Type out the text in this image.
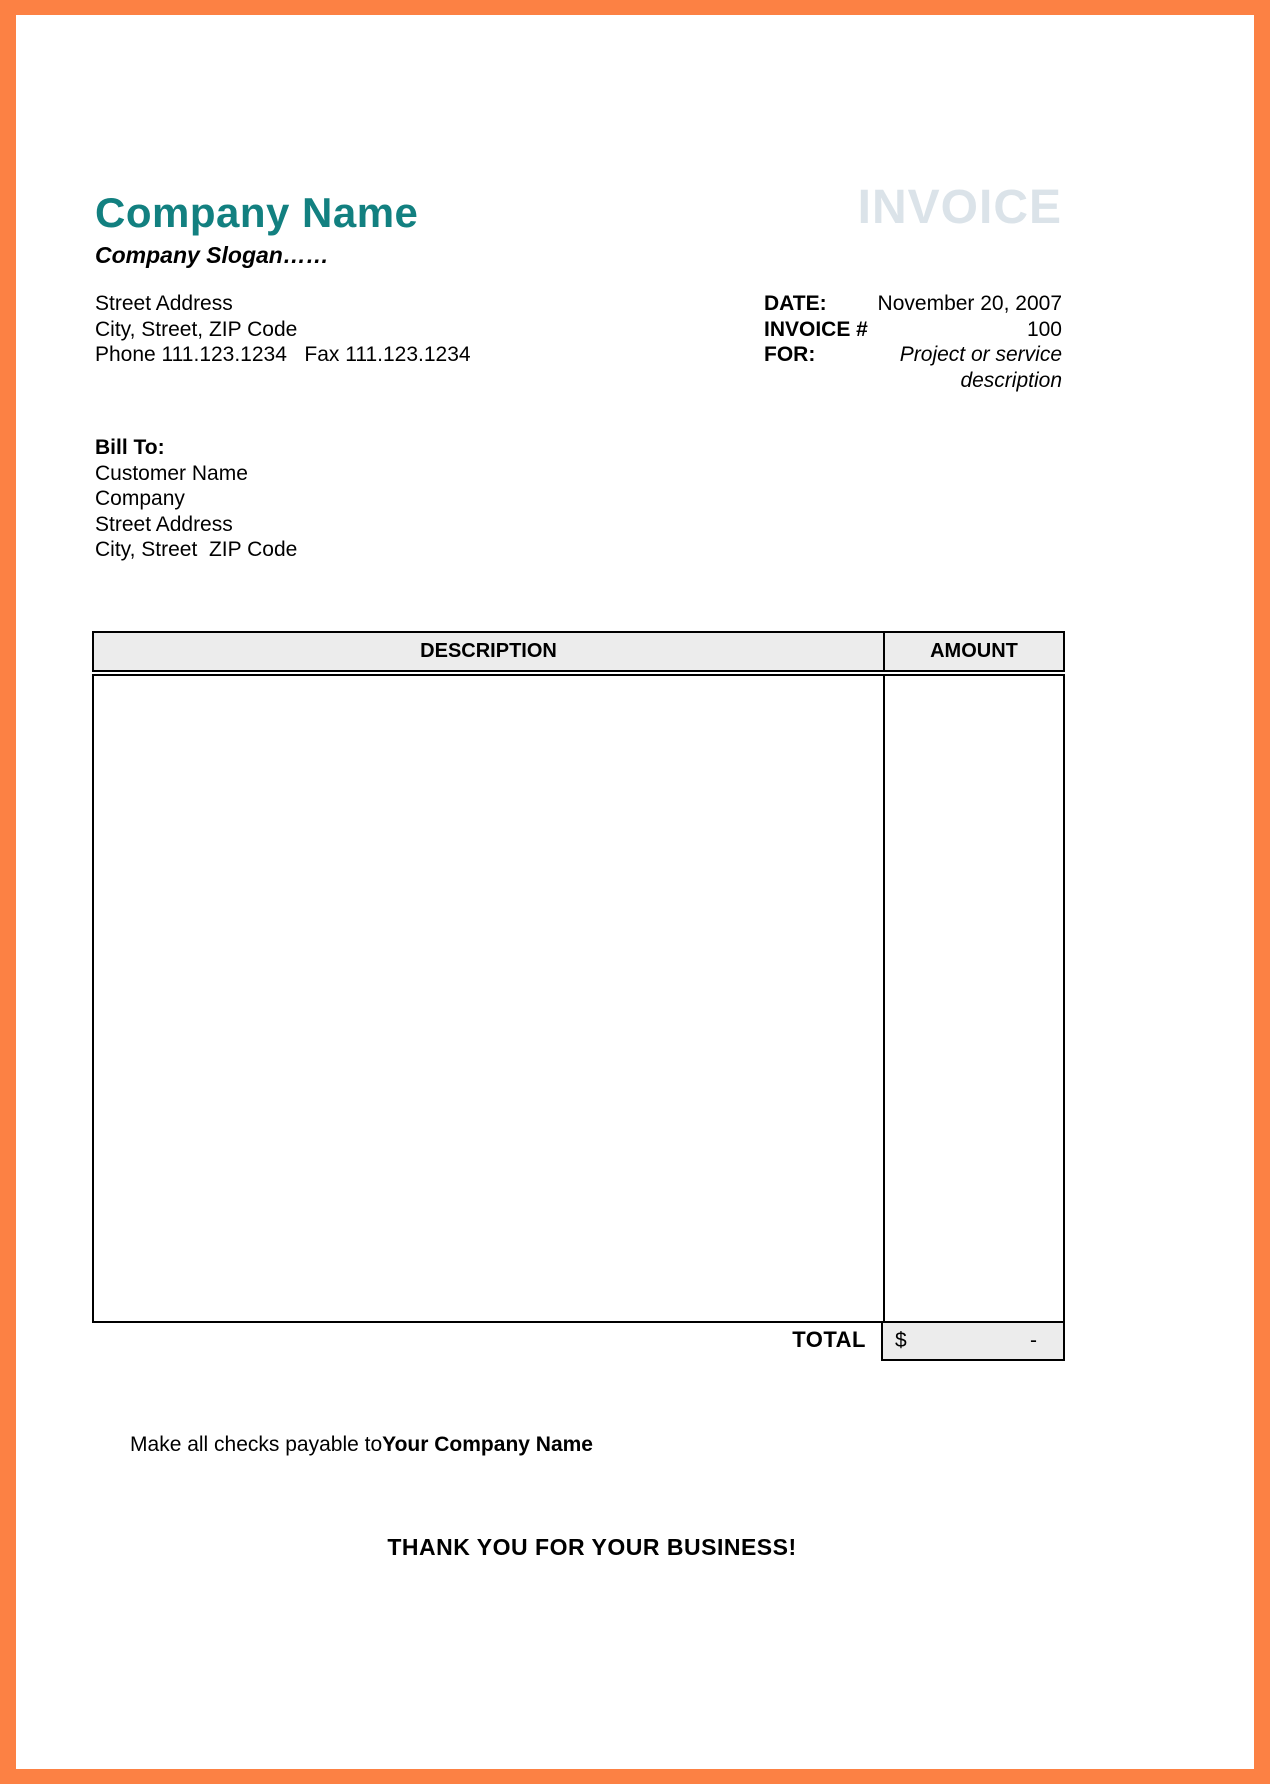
Company Name
Company Slogan……
Street Address
City, Street, ZIP Code
Phone 111.123.1234   Fax 111.123.1234
INVOICE
DATE:	November 20, 2007
INVOICE #	100
FOR:	Project or service description
Bill To:
Customer Name
Company
Street Address
City, Street  ZIP Code
DESCRIPTION	AMOUNT
TOTAL $	-

Make all checks payable toYour Company Name

THANK YOU FOR YOUR BUSINESS!
